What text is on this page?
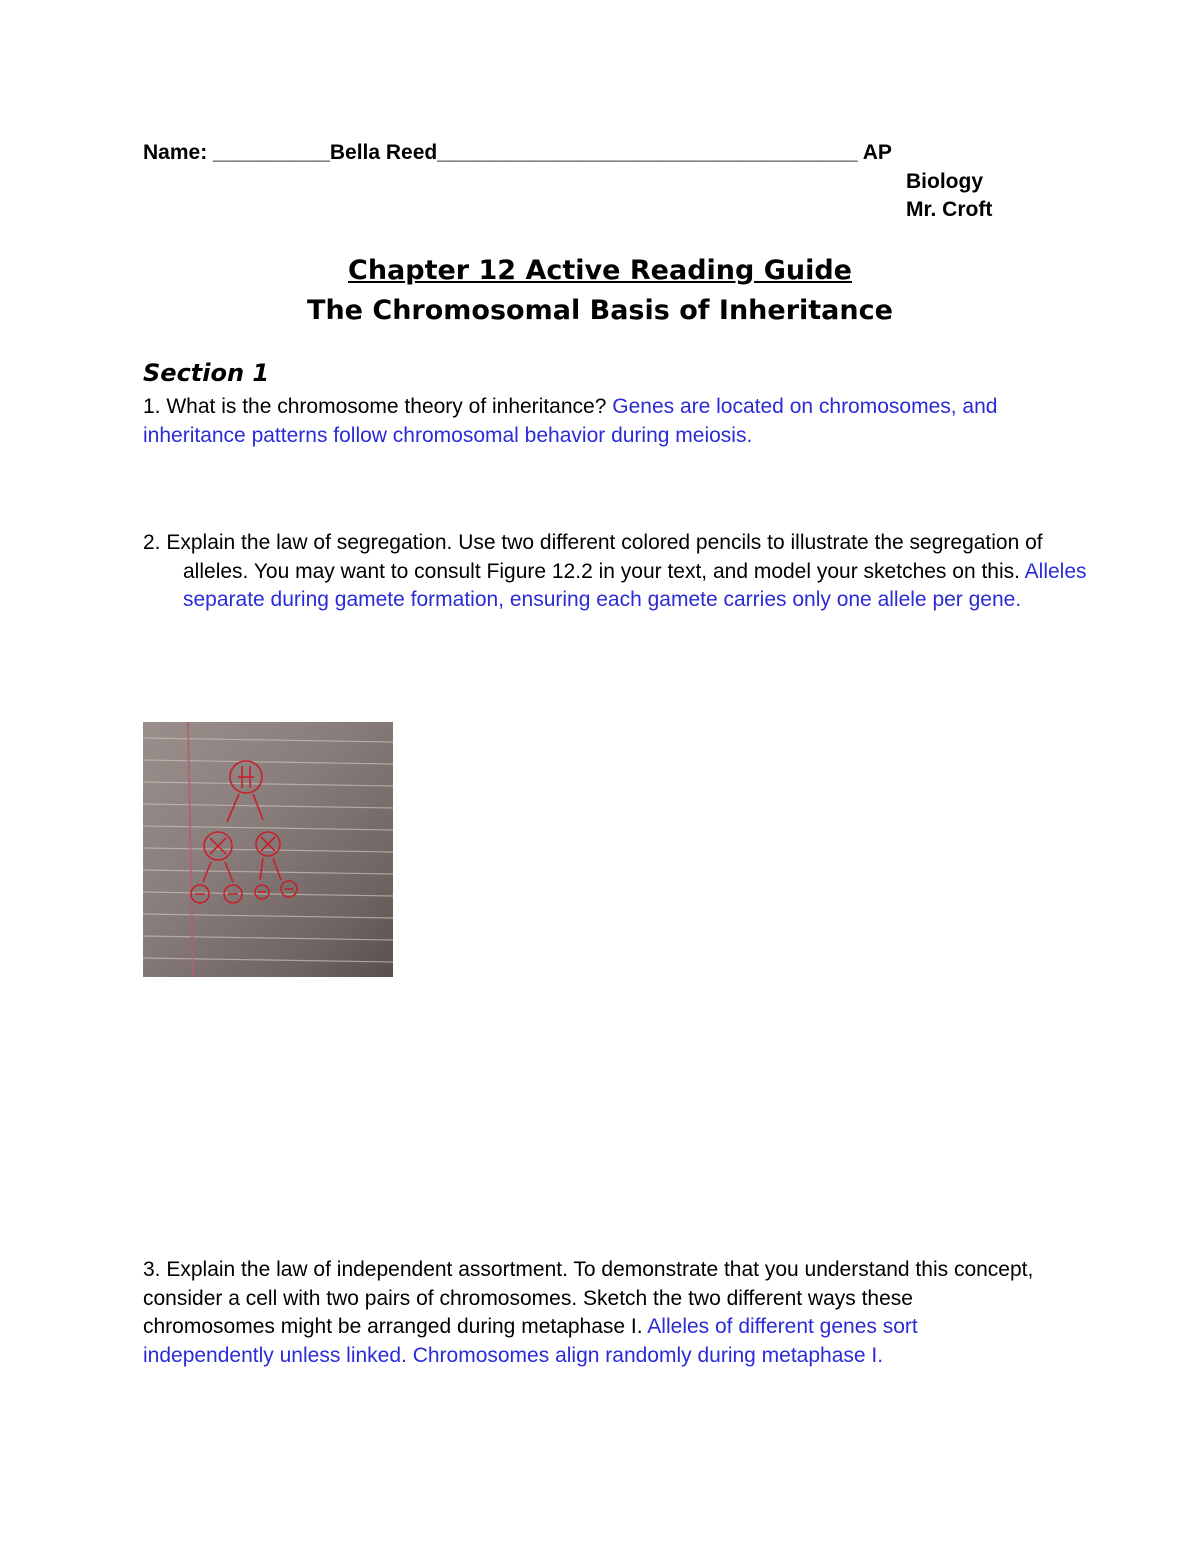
Name: __________Bella Reed____________________________________ AP
Biology
Mr. Croft
Chapter 12 Active Reading Guide
The Chromosomal Basis of Inheritance
Section 1
1. What is the chromosome theory of inheritance? Genes are located on chromosomes, and inheritance patterns follow chromosomal behavior during meiosis.
2. Explain the law of segregation. Use two different colored pencils to illustrate the segregation of alleles. You may want to consult Figure 12.2 in your text, and model your sketches on this. Alleles separate during gamete formation, ensuring each gamete carries only one allele per gene.
3. Explain the law of independent assortment. To demonstrate that you understand this concept, consider a cell with two pairs of chromosomes. Sketch the two different ways these chromosomes might be arranged during metaphase I. Alleles of different genes sort independently unless linked. Chromosomes align randomly during metaphase I.
